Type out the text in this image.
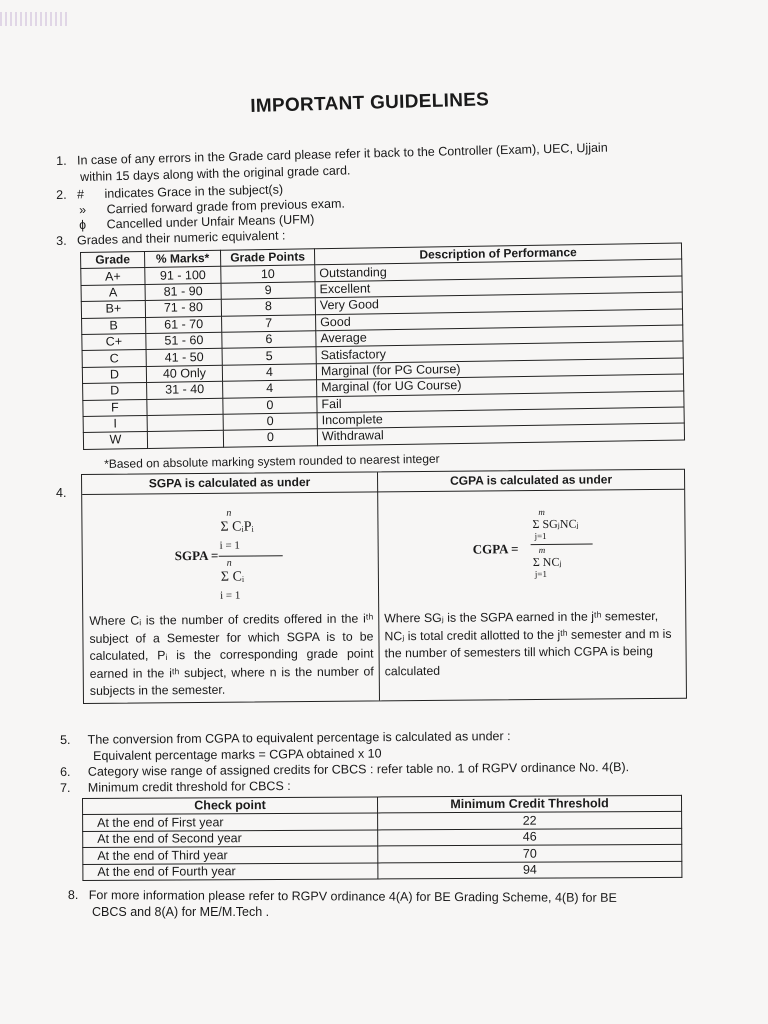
IMPORTANT GUIDELINES
1. In case of any errors in the Grade card please refer it back to the Controller (Exam), UEC, Ujjain
within 15 days along with the original grade card.
2. # indicates Grace in the subject(s)
» Carried forward grade from previous exam.
ɸ Cancelled under Unfair Means (UFM)
3. Grades and their numeric equivalent :
Grade	% Marks*	Grade Points	Description of Performance
A+	91 - 100	10	Outstanding
A	81 - 90	9	Excellent
B+	71 - 80	8	Very Good
B	61 - 70	7	Good
C+	51 - 60	6	Average
C	41 - 50	5	Satisfactory
D	40 Only	4	Marginal (for PG Course)
D	31 - 40	4	Marginal (for UG Course)
F		0	Fail
I		0	Incomplete
W		0	Withdrawal
*Based on absolute marking system rounded to nearest integer
4.
SGPA is calculated as under	CGPA is calculated as under
SGPA =
n
Σ CᵢPᵢ
i = 1
n
Σ Cᵢ
i = 1
CGPA =
m
Σ SGⱼNCⱼ
j=1
m
Σ NCⱼ
j=1
Where Cᵢ is the number of credits offered in the iᵗʰ subject of a Semester for which SGPA is to be calculated, Pᵢ is the corresponding grade point earned in the iᵗʰ subject, where n is the number of subjects in the semester.
Where SGⱼ is the SGPA earned in the jᵗʰ semester, NCⱼ is total credit allotted to the jᵗʰ semester and m is the number of semesters till which CGPA is being calculated
5. The conversion from CGPA to equivalent percentage is calculated as under :
Equivalent percentage marks = CGPA obtained x 10
6. Category wise range of assigned credits for CBCS : refer table no. 1 of RGPV ordinance No. 4(B).
7. Minimum credit threshold for CBCS :
Check point	Minimum Credit Threshold
At the end of First year	22
At the end of Second year	46
At the end of Third year	70
At the end of Fourth year	94
8. For more information please refer to RGPV ordinance 4(A) for BE Grading Scheme, 4(B) for BE
CBCS and 8(A) for ME/M.Tech .
